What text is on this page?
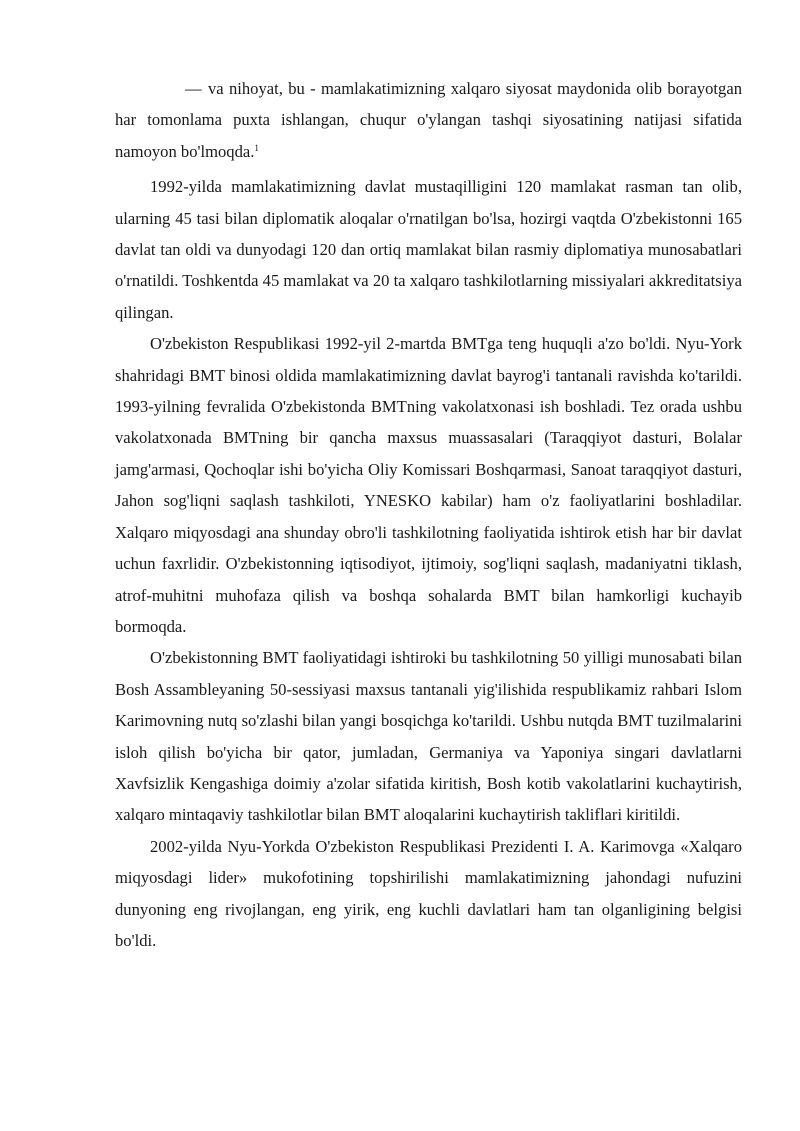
— va nihoyat, bu - mamlakatimizning xalqaro siyosat maydonida olib borayotgan har tomonlama puxta ishlangan, chuqur o'ylangan tashqi siyosatining natijasi sifatida namoyon bo'lmoqda.$^1$

1992-yilda mamlakatimizning davlat mustaqilligini 120 mamlakat rasman tan olib, ularning 45 tasi bilan diplomatik aloqalar o'rnatilgan bo'lsa, hozirgi vaqtda O'zbekistonni 165 davlat tan oldi va dunyodagi 120 dan ortiq mamlakat bilan rasmiy diplomatiya munosabatlari o'rnatildi. Toshkentda 45 mamlakat va 20 ta xalqaro tashkilotlarning missiyalari akkreditatsiya qilingan.

O'zbekiston Respublikasi 1992-yil 2-martda BMTga teng huquqli a'zo bo'ldi. Nyu-York shahridagi BMT binosi oldida mamlakatimizning davlat bayrog'i tantanali ravishda ko'tarildi. 1993-yilning fevralida O'zbekistonda BMTning vakolatxonasi ish boshladi. Tez orada ushbu vakolatxonada BMTning bir qancha maxsus muassasalari (Taraqqiyot dasturi, Bolalar jamg'armasi, Qochoqlar ishi bo'yicha Oliy Komissari Boshqarmasi, Sanoat taraqqiyot dasturi, Jahon sog'liqni saqlash tashkiloti, YNESKO kabilar) ham o'z faoliyatlarini boshladilar. Xalqaro miqyosdagi ana shunday obro'li tashkilotning faoliyatida ishtirok etish har bir davlat uchun faxrlidir. O'zbekistonning iqtisodiyot, ijtimoiy, sog'liqni saqlash, madaniyatni tiklash, atrof-muhitni muhofaza qilish va boshqa sohalarda BMT bilan hamkorligi kuchayib bormoqda.

O'zbekistonning BMT faoliyatidagi ishtiroki bu tashkilotning 50 yilligi munosabati bilan Bosh Assambleyaning 50-sessiyasi maxsus tantanali yig'ilishida respublikamiz rahbari Islom Karimovning nutq so'zlashi bilan yangi bosqichga ko'tarildi. Ushbu nutqda BMT tuzilmalarini isloh qilish bo'yicha bir qator, jumladan, Germaniya va Yaponiya singari davlatlarni Xavfsizlik Kengashiga doimiy a'zolar sifatida kiritish, Bosh kotib vakolatlarini kuchaytirish, xalqaro mintaqaviy tashkilotlar bilan BMT aloqalarini kuchaytirish takliflari kiritildi.

2002-yilda Nyu-Yorkda O'zbekiston Respublikasi Prezidenti I. A. Karimovga «Xalqaro miqyosdagi lider» mukofotining topshirilishi mamlakatimizning jahondagi nufuzini dunyoning eng rivojlangan, eng yirik, eng kuchli davlatlari ham tan olganligining belgisi bo'ldi.
